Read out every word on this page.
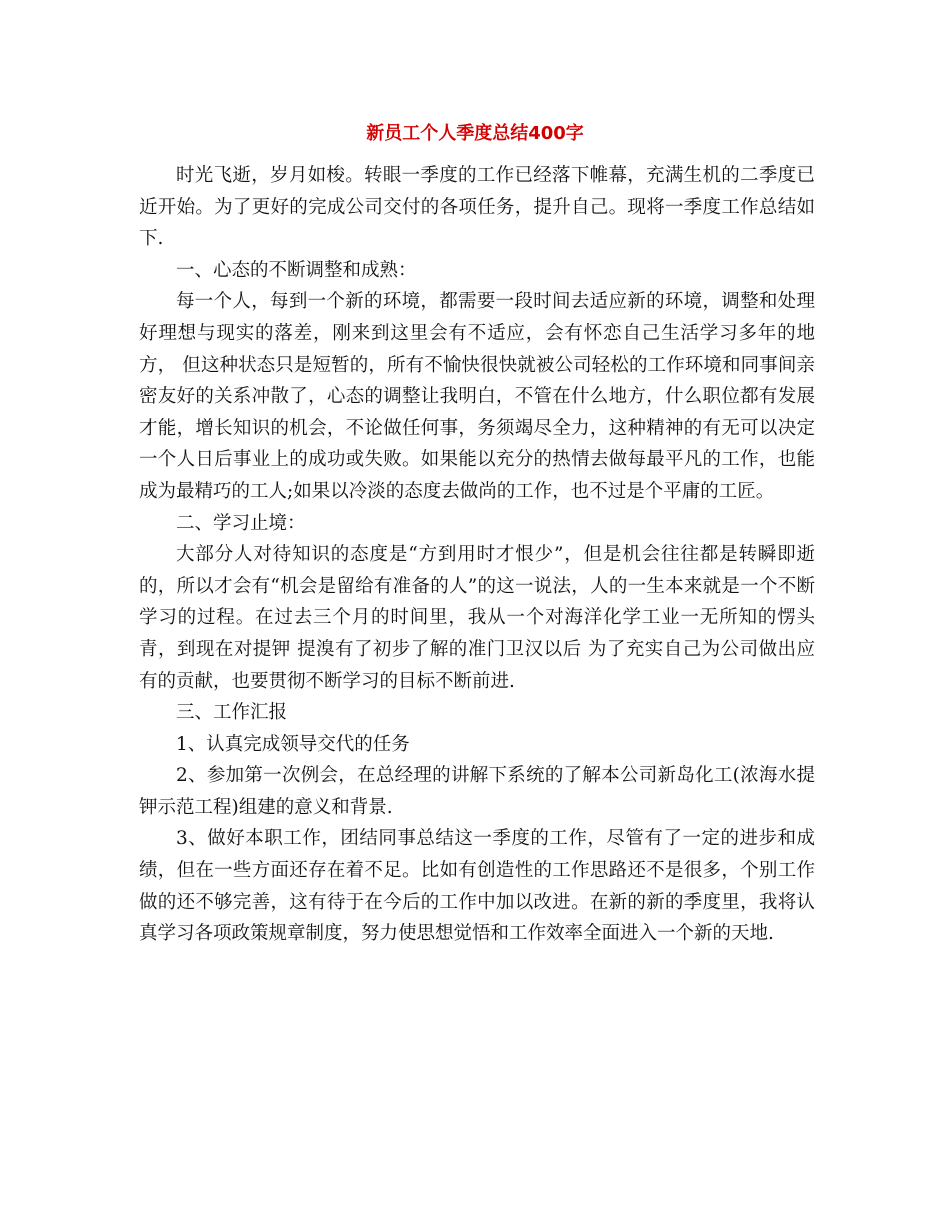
新员工个人季度总结400字

时光飞逝，岁月如梭。转眼一季度的工作已经落下帷幕，充满生机的二季度已近开始。为了更好的完成公司交付的各项任务，提升自己。现将一季度工作总结如下.

一、心态的不断调整和成熟：

每一个人，每到一个新的环境，都需要一段时间去适应新的环境，调整和处理好理想与现实的落差，刚来到这里会有不适应，会有怀恋自己生活学习多年的地方， 但这种状态只是短暂的，所有不愉快很快就被公司轻松的工作环境和同事间亲密友好的关系冲散了，心态的调整让我明白，不管在什么地方，什么职位都有发展才能，增长知识的机会，不论做任何事，务须竭尽全力，这种精神的有无可以决定一个人日后事业上的成功或失败。如果能以充分的热情去做每最平凡的工作，也能成为最精巧的工人;如果以冷淡的态度去做尚的工作，也不过是个平庸的工匠。

二、学习止境：

大部分人对待知识的态度是“方到用时才恨少”，但是机会往往都是转瞬即逝的，所以才会有“机会是留给有准备的人”的这一说法，人的一生本来就是一个不断学习的过程。在过去三个月的时间里，我从一个对海洋化学工业一无所知的愣头青，到现在对提钾 提溴有了初步了解的准门卫汉以后 为了充实自己为公司做出应有的贡献，也要贯彻不断学习的目标不断前进.

三、工作汇报

1、认真完成领导交代的任务

2、参加第一次例会，在总经理的讲解下系统的了解本公司新岛化工(浓海水提钾示范工程)组建的意义和背景.

3、做好本职工作，团结同事总结这一季度的工作，尽管有了一定的进步和成绩，但在一些方面还存在着不足。比如有创造性的工作思路还不是很多，个别工作做的还不够完善，这有待于在今后的工作中加以改进。在新的新的季度里，我将认真学习各项政策规章制度，努力使思想觉悟和工作效率全面进入一个新的天地.
